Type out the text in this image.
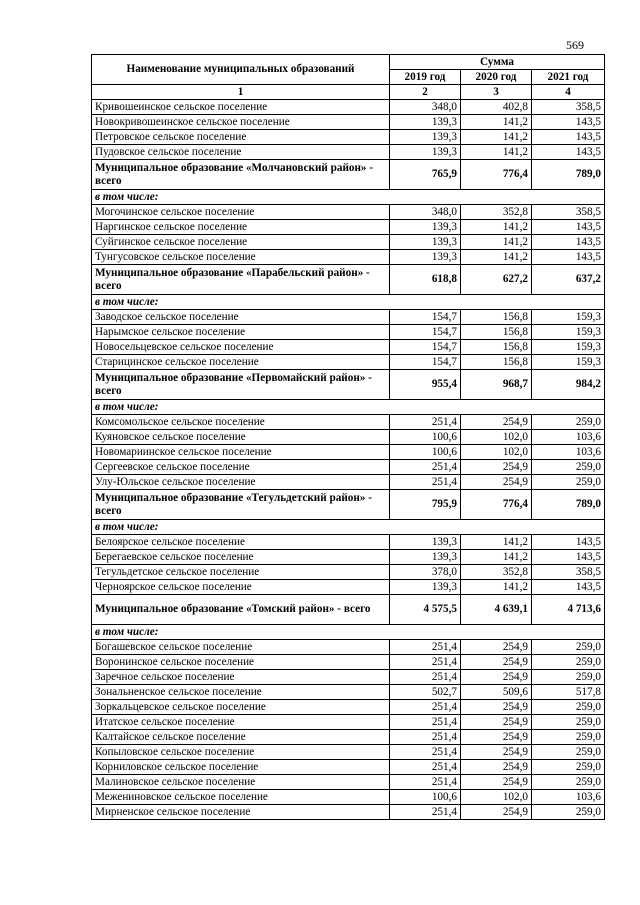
569
Наименование муниципальных образований	Сумма		
	2019 год	2020 год	2021 год
1	2	3	4
Кривошеинское сельское поселение	348,0	402,8	358,5
Новокривошеинское сельское поселение	139,3	141,2	143,5
Петровское сельское поселение	139,3	141,2	143,5
Пудовское сельское поселение	139,3	141,2	143,5
Муниципальное образование «Молчановский район» - всего	765,9	776,4	789,0
в том числе:			
Могочинское сельское поселение	348,0	352,8	358,5
Наргинское сельское поселение	139,3	141,2	143,5
Суйгинское сельское поселение	139,3	141,2	143,5
Тунгусовское сельское поселение	139,3	141,2	143,5
Муниципальное образование «Парабельский район» - всего	618,8	627,2	637,2
в том числе:			
Заводское сельское поселение	154,7	156,8	159,3
Нарымское сельское поселение	154,7	156,8	159,3
Новосельцевское сельское поселение	154,7	156,8	159,3
Старицинское сельское поселение	154,7	156,8	159,3
Муниципальное образование «Первомайский район» - всего	955,4	968,7	984,2
в том числе:			
Комсомольское сельское поселение	251,4	254,9	259,0
Куяновское сельское поселение	100,6	102,0	103,6
Новомариинское сельское поселение	100,6	102,0	103,6
Сергеевское сельское поселение	251,4	254,9	259,0
Улу-Юльское сельское поселение	251,4	254,9	259,0
Муниципальное образование «Тегульдетский район» - всего	795,9	776,4	789,0
в том числе:			
Белоярское сельское поселение	139,3	141,2	143,5
Берегаевское сельское поселение	139,3	141,2	143,5
Тегульдетское сельское поселение	378,0	352,8	358,5
Черноярское сельское поселение	139,3	141,2	143,5
Муниципальное образование «Томский район» - всего	4 575,5	4 639,1	4 713,6
в том числе:			
Богашевское сельское поселение	251,4	254,9	259,0
Воронинское сельское поселение	251,4	254,9	259,0
Заречное сельское поселение	251,4	254,9	259,0
Зональненское сельское поселение	502,7	509,6	517,8
Зоркальцевское сельское поселение	251,4	254,9	259,0
Итатское сельское поселение	251,4	254,9	259,0
Калтайское сельское поселение	251,4	254,9	259,0
Копыловское сельское поселение	251,4	254,9	259,0
Корниловское сельское поселение	251,4	254,9	259,0
Малиновское сельское поселение	251,4	254,9	259,0
Межениновское сельское поселение	100,6	102,0	103,6
Мирненское сельское поселение	251,4	254,9	259,0
